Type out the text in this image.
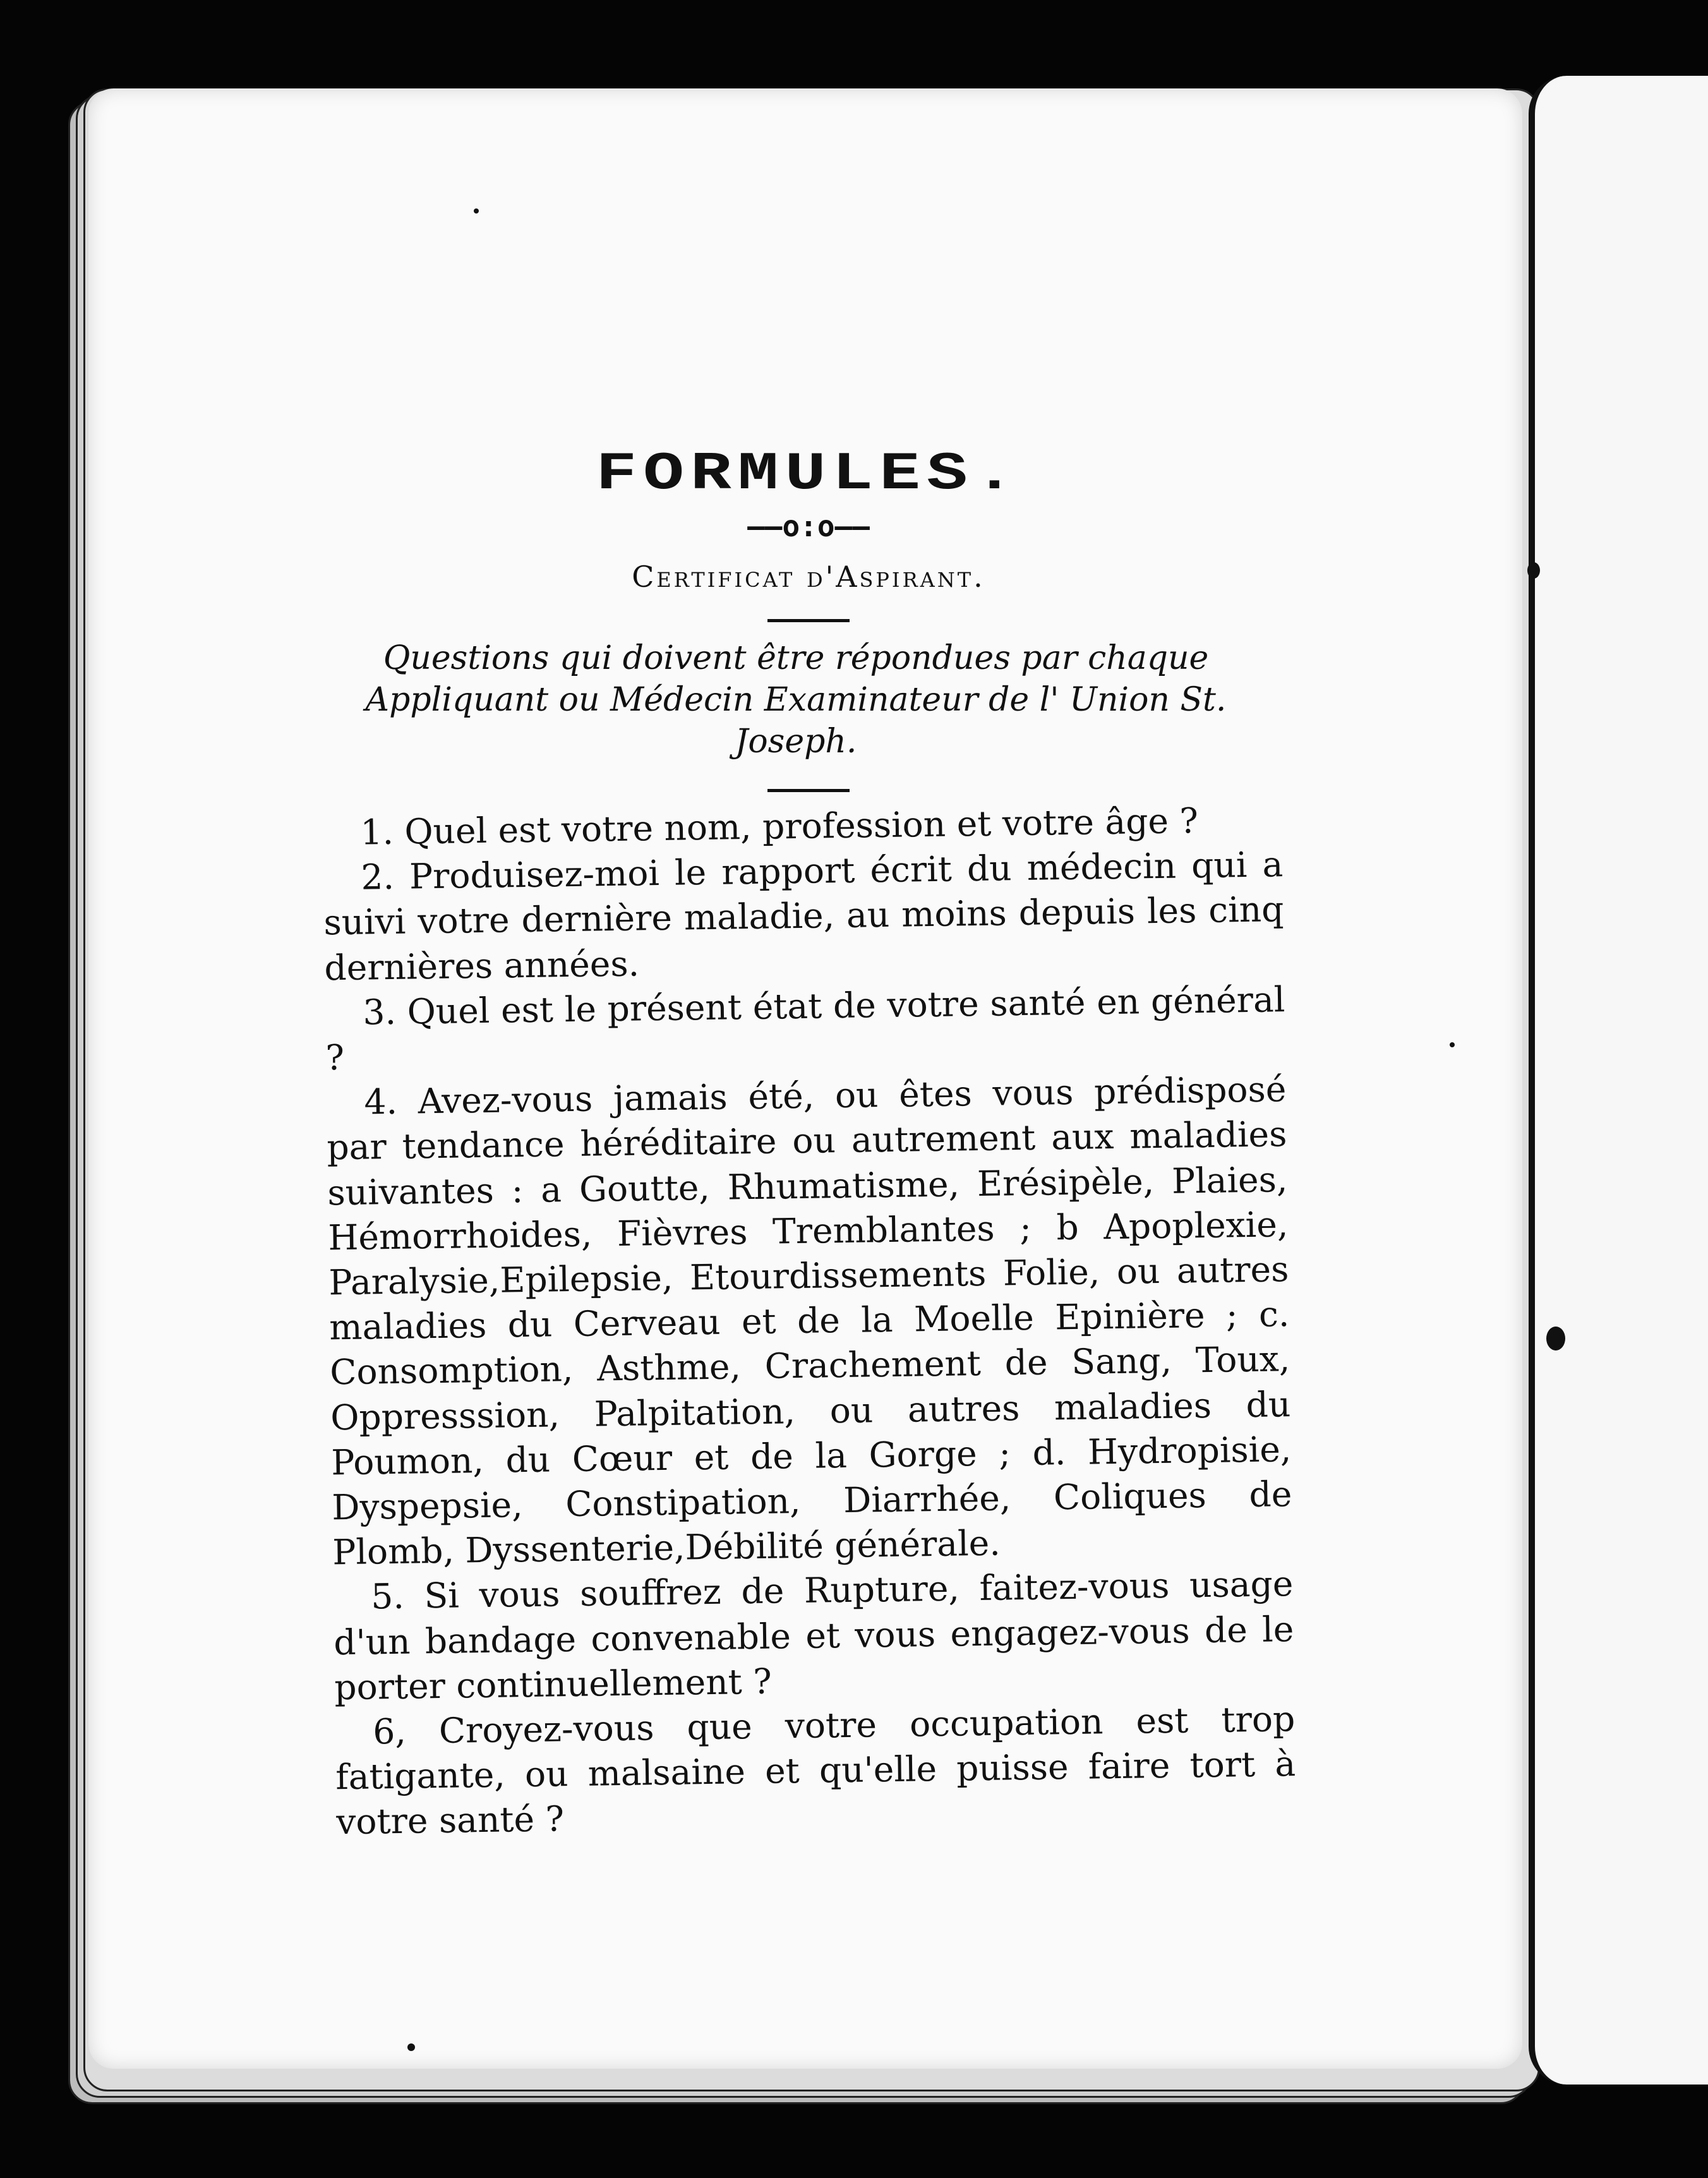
FORMULES.
——o:o——
Certificat d'Aspirant.
Questions qui doivent être répondues par chaque Appliquant ou Médecin Examinateur de l' Union St. Joseph.

1. Quel est votre nom, profession et votre âge ?

2. Produisez-moi le rapport écrit du médecin qui a suivi votre dernière maladie, au moins depuis les cinq dernières années.

3. Quel est le présent état de votre santé en général ?

4. Avez-vous jamais été, ou êtes vous prédisposé par tendance héréditaire ou autrement aux maladies suivantes : a Goutte, Rhumatisme, Erésipèle, Plaies, Hémorrhoides, Fièvres Tremblantes ; b Apoplexie, Paralysie,Epilepsie, Etourdissements Folie, ou autres maladies du Cerveau et de la Moelle Epinière ; c. Consomption, Asthme, Crachement de Sang, Toux, Oppresssion, Palpitation, ou autres maladies du Poumon, du Cœur et de la Gorge ; d. Hydropisie, Dyspepsie, Constipation, Diarrhée, Coliques de Plomb, Dyssenterie,Débilité générale.

5. Si vous souffrez de Rupture, faitez-vous usage d'un bandage convenable et vous engagez-vous de le porter continuellement ?

6, Croyez-vous que votre occupation est trop fatigante, ou malsaine et qu'elle puisse faire tort à votre santé ?
